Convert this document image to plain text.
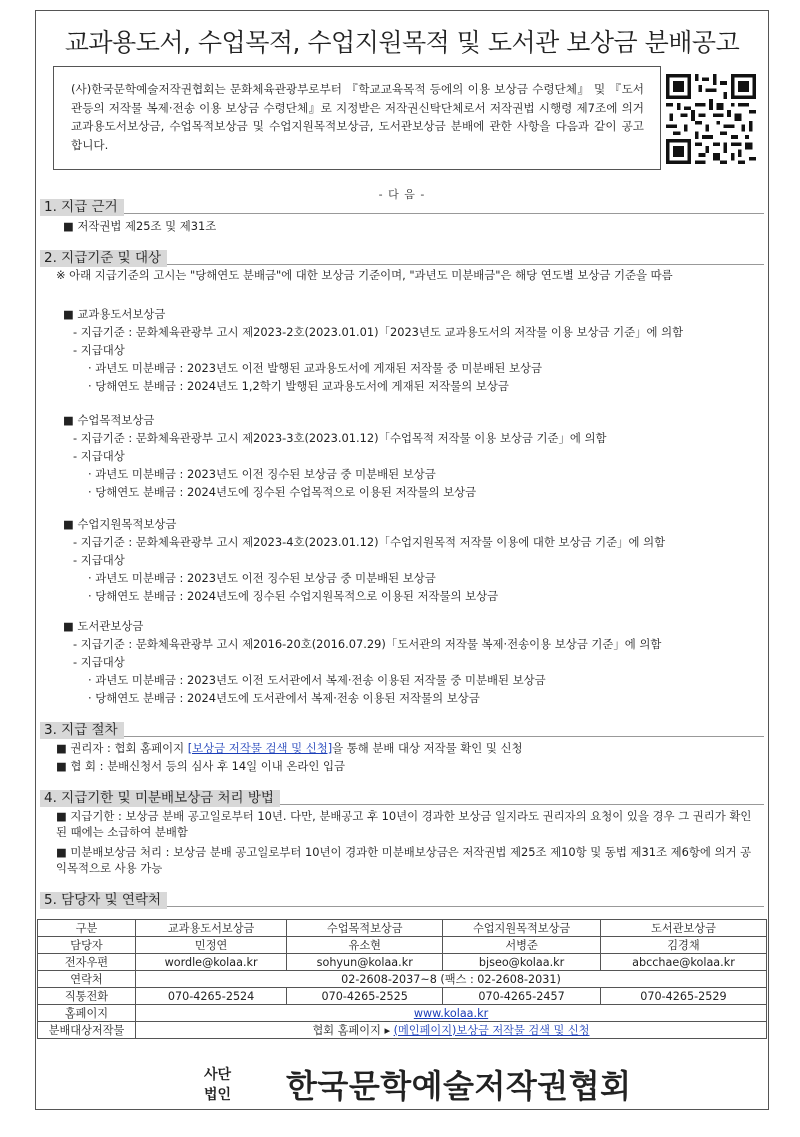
교과용도서, 수업목적, 수업지원목적 및 도서관 보상금 분배공고
(사)한국문학예술저작권협회는 문화체육관광부로부터 『학교교육목적 등에의 이용 보상금 수령단체』 및 『도서관등의 저작물 복제·전송 이용 보상금 수령단체』로 지정받은 저작권신탁단체로서 저작권법 시행령 제7조에 의거 교과용도서보상금, 수업목적보상금 및 수업지원목적보상금, 도서관보상금 분배에 관한 사항을 다음과 같이 공고 합니다.
- 다 음 -
1. 지급 근거
■ 저작권법 제25조 및 제31조
2. 지급기준 및 대상
※ 아래 지급기준의 고시는 "당해연도 분배금"에 대한 보상금 기준이며, "과년도 미분배금"은 해당 연도별 보상금 기준을 따름
■ 교과용도서보상금
- 지급기준 : 문화체육관광부 고시 제2023-2호(2023.01.01)「2023년도 교과용도서의 저작물 이용 보상금 기준」에 의함
- 지급대상
· 과년도 미분배금 : 2023년도 이전 발행된 교과용도서에 게재된 저작물 중 미분배된 보상금
· 당해연도 분배금 : 2024년도 1,2학기 발행된 교과용도서에 게재된 저작물의 보상금
■ 수업목적보상금
- 지급기준 : 문화체육관광부 고시 제2023-3호(2023.01.12)「수업목적 저작물 이용 보상금 기준」에 의함
- 지급대상
· 과년도 미분배금 : 2023년도 이전 징수된 보상금 중 미분배된 보상금
· 당해연도 분배금 : 2024년도에 징수된 수업목적으로 이용된 저작물의 보상금
■ 수업지원목적보상금
- 지급기준 : 문화체육관광부 고시 제2023-4호(2023.01.12)「수업지원목적 저작물 이용에 대한 보상금 기준」에 의함
- 지급대상
· 과년도 미분배금 : 2023년도 이전 징수된 보상금 중 미분배된 보상금
· 당해연도 분배금 : 2024년도에 징수된 수업지원목적으로 이용된 저작물의 보상금
■ 도서관보상금
- 지급기준 : 문화체육관광부 고시 제2016-20호(2016.07.29)「도서관의 저작물 복제·전송이용 보상금 기준」에 의함
- 지급대상
· 과년도 미분배금 : 2023년도 이전 도서관에서 복제·전송 이용된 저작물 중 미분배된 보상금
· 당해연도 분배금 : 2024년도에 도서관에서 복제·전송 이용된 저작물의 보상금
3. 지급 절차
■ 권리자 : 협회 홈페이지 [보상금 저작물 검색 및 신청]을 통해 분배 대상 저작물 확인 및 신청
■ 협 회 : 분배신청서 등의 심사 후 14일 이내 온라인 입금
4. 지급기한 및 미분배보상금 처리 방법
■ 지급기한 : 보상금 분배 공고일로부터 10년. 다만, 분배공고 후 10년이 경과한 보상금 일지라도 권리자의 요청이 있을 경우 그 권리가 확인된 때에는 소급하여 분배함
■ 미분배보상금 처리 : 보상금 분배 공고일로부터 10년이 경과한 미분배보상금은 저작권법 제25조 제10항 및 동법 제31조 제6항에 의거 공익목적으로 사용 가능
5. 담당자 및 연락처
구분	교과용도서보상금	수업목적보상금	수업지원목적보상금	도서관보상금
담당자	민정연	유소현	서병준	김경채
전자우편	wordle@kolaa.kr	sohyun@kolaa.kr	bjseo@kolaa.kr	abcchae@kolaa.kr
연락처	02-2608-2037~8 (팩스 : 02-2608-2031)			
직통전화	070-4265-2524	070-4265-2525	070-4265-2457	070-4265-2529
홈페이지	www.kolaa.kr			
분배대상저작물	협회 홈페이지 ▸ (메인페이지)보상금 저작물 검색 및 신청			
사단
법인 한국문학예술저작권협회
